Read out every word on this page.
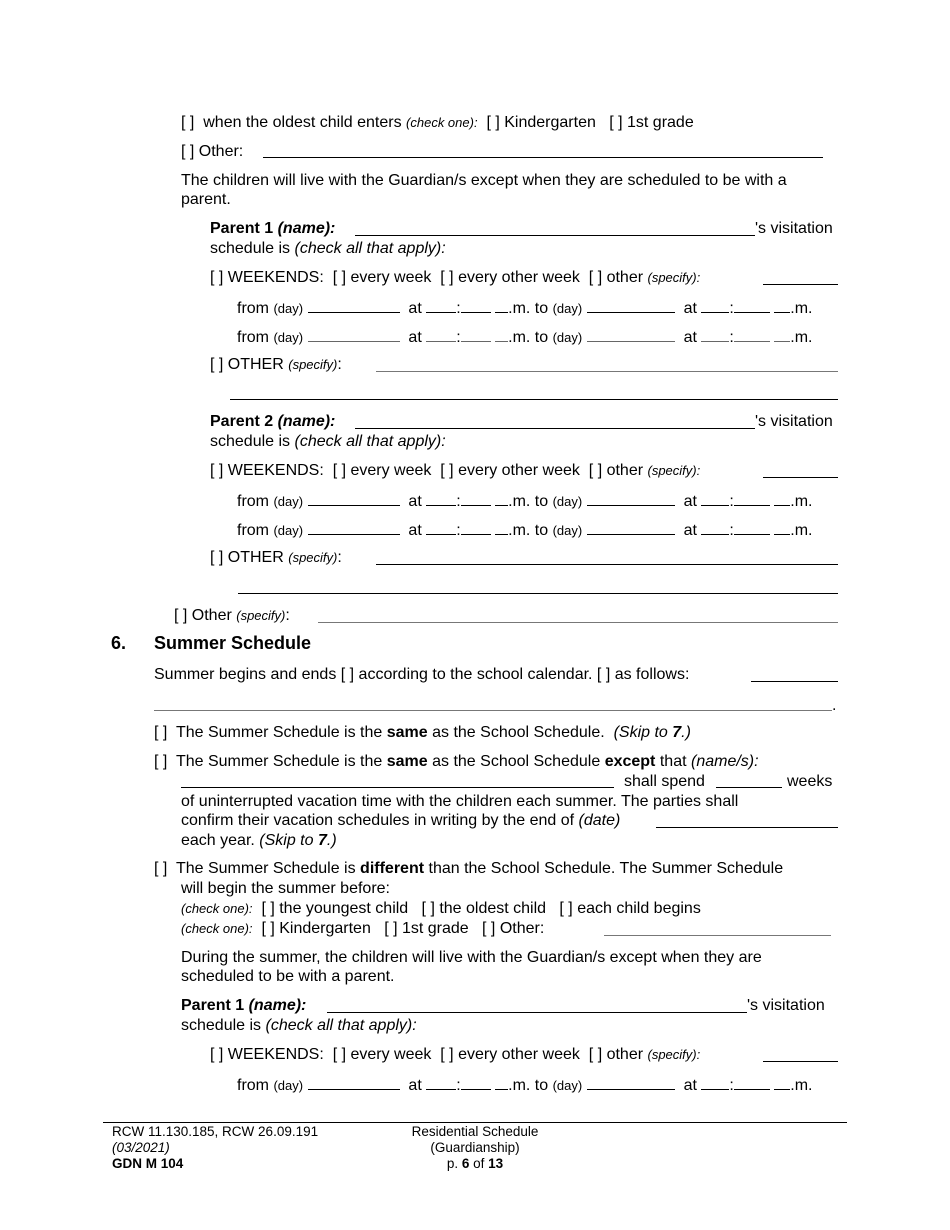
[ ] when the oldest child enters (check one): [ ] Kindergarten [ ] 1st grade
[ ] Other:
The children will live with the Guardian/s except when they are scheduled to be with a
parent.
Parent 1 (name):	's visitation
schedule is (check all that apply):
[ ] WEEKENDS: [ ] every week [ ] every other week [ ] other (specify):
from (day)	at :	.m. to (day)	at :	.m.
from (day)	at :	.m. to (day)	at :	.m.
[ ] OTHER (specify):
Parent 2 (name):	's visitation
schedule is (check all that apply):
[ ] WEEKENDS: [ ] every week [ ] every other week [ ] other (specify):
from (day)	at :	.m. to (day)	at :	.m.
from (day)	at :	.m. to (day)	at :	.m.
[ ] OTHER (specify):
[ ] Other (specify):
6. Summer Schedule
Summer begins and ends [ ] according to the school calendar. [ ] as follows:
.
[ ] The Summer Schedule is the same as the School Schedule. (Skip to 7.)
[ ] The Summer Schedule is the same as the School Schedule except that (name/s):
shall spend	weeks
of uninterrupted vacation time with the children each summer. The parties shall
confirm their vacation schedules in writing by the end of (date)
each year. (Skip to 7.)
[ ] The Summer Schedule is different than the School Schedule. The Summer Schedule
will begin the summer before:
(check one): [ ] the youngest child [ ] the oldest child [ ] each child begins
(check one): [ ] Kindergarten [ ] 1st grade [ ] Other:
During the summer, the children will live with the Guardian/s except when they are
scheduled to be with a parent.
Parent 1 (name):	's visitation
schedule is (check all that apply):
[ ] WEEKENDS: [ ] every week [ ] every other week [ ] other (specify):
from (day)	at :	.m. to (day)	at :	.m.
RCW 11.130.185, RCW 26.09.191
(03/2021)
GDN M 104
Residential Schedule
(Guardianship)
p. 6 of 13
